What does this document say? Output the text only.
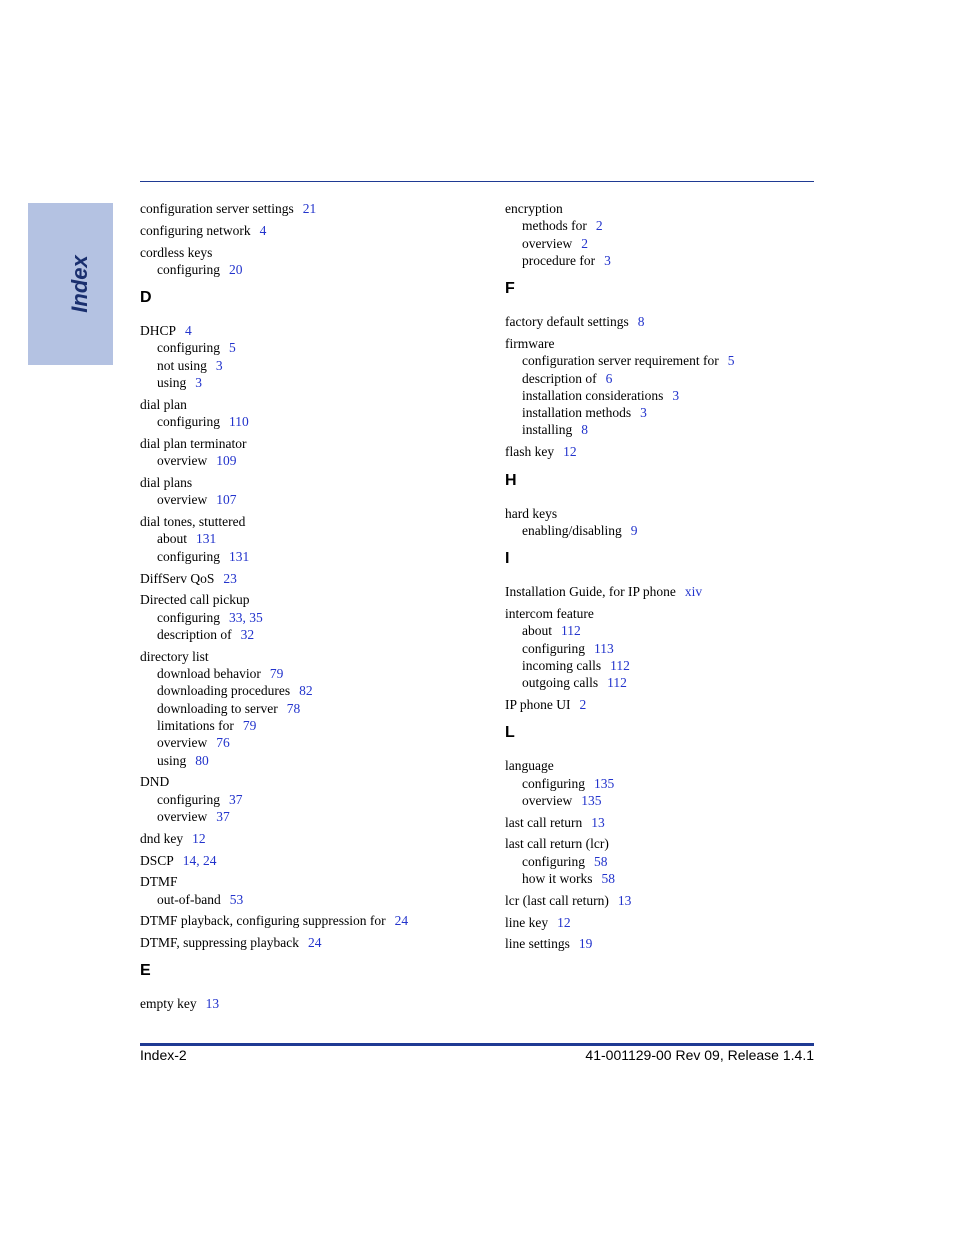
Index
configuration server settings 21
configuring network 4
cordless keys
configuring 20
D
DHCP 4
configuring 5
not using 3
using 3
dial plan
configuring 110
dial plan terminator
overview 109
dial plans
overview 107
dial tones, stuttered
about 131
configuring 131
DiffServ QoS 23
Directed call pickup
configuring 33, 35
description of 32
directory list
download behavior 79
downloading procedures 82
downloading to server 78
limitations for 79
overview 76
using 80
DND
configuring 37
overview 37
dnd key 12
DSCP 14, 24
DTMF
out-of-band 53
DTMF playback, configuring suppression for 24
DTMF, suppressing playback 24
E
empty key 13
encryption
methods for 2
overview 2
procedure for 3
F
factory default settings 8
firmware
configuration server requirement for 5
description of 6
installation considerations 3
installation methods 3
installing 8
flash key 12
H
hard keys
enabling/disabling 9
I
Installation Guide, for IP phone xiv
intercom feature
about 112
configuring 113
incoming calls 112
outgoing calls 112
IP phone UI 2
L
language
configuring 135
overview 135
last call return 13
last call return (lcr)
configuring 58
how it works 58
lcr (last call return) 13
line key 12
line settings 19
Index-2	41-001129-00 Rev 09, Release 1.4.1
